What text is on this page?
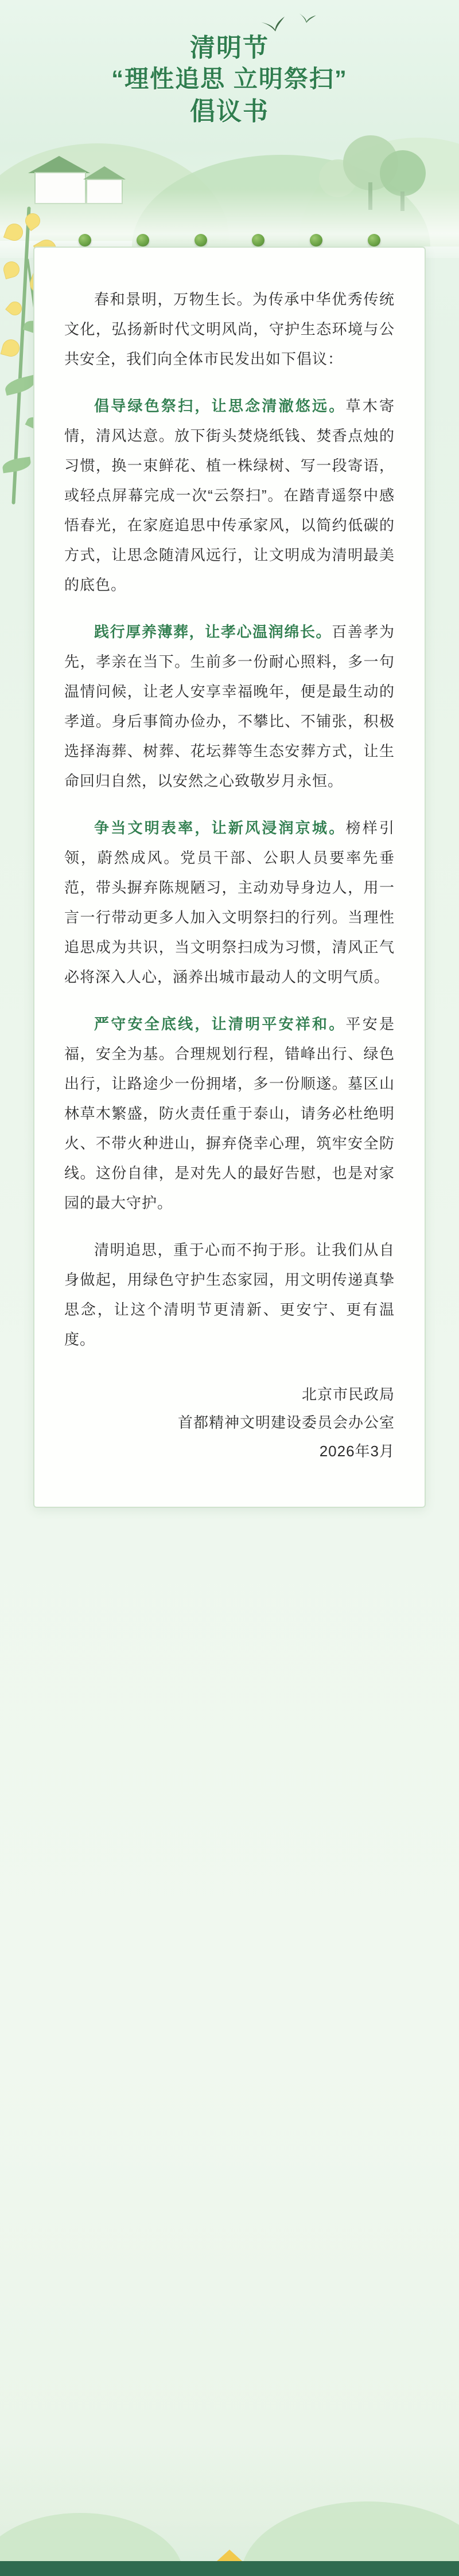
清明节
“理性追思 立明祭扫”
倡议书

春和景明，万物生长。为传承中华优秀传统文化，弘扬新时代文明风尚，守护生态环境与公共安全，我们向全体市民发出如下倡议：

倡导绿色祭扫，让思念清澈悠远。草木寄情，清风达意。放下街头焚烧纸钱、焚香点烛的习惯，换一束鲜花、植一株绿树、写一段寄语，或轻点屏幕完成一次“云祭扫”。在踏青遥祭中感悟春光，在家庭追思中传承家风，以简约低碳的方式，让思念随清风远行，让文明成为清明最美的底色。

践行厚养薄葬，让孝心温润绵长。百善孝为先，孝亲在当下。生前多一份耐心照料，多一句温情问候，让老人安享幸福晚年，便是最生动的孝道。身后事简办俭办，不攀比、不铺张，积极选择海葬、树葬、花坛葬等生态安葬方式，让生命回归自然，以安然之心致敬岁月永恒。

争当文明表率，让新风浸润京城。榜样引领，蔚然成风。党员干部、公职人员要率先垂范，带头摒弃陈规陋习，主动劝导身边人，用一言一行带动更多人加入文明祭扫的行列。当理性追思成为共识，当文明祭扫成为习惯，清风正气必将深入人心，涵养出城市最动人的文明气质。

严守安全底线，让清明平安祥和。平安是福，安全为基。合理规划行程，错峰出行、绿色出行，让路途少一份拥堵，多一份顺遂。墓区山林草木繁盛，防火责任重于泰山，请务必杜绝明火、不带火种进山，摒弃侥幸心理，筑牢安全防线。这份自律，是对先人的最好告慰，也是对家园的最大守护。

清明追思，重于心而不拘于形。让我们从自身做起，用绿色守护生态家园，用文明传递真挚思念，让这个清明节更清新、更安宁、更有温度。

北京市民政局
首都精神文明建设委员会办公室
2026年3月
